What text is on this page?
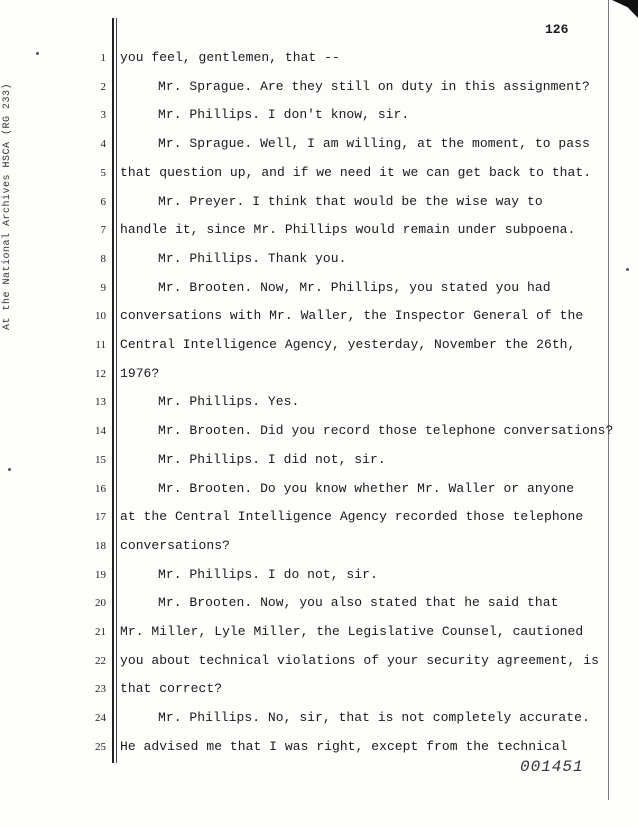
At the National Archives HSCA (RG 233)
126
1 you feel, gentlemen, that --
2	Mr. Sprague. Are they still on duty in this assignment?
3	Mr. Phillips. I don't know, sir.
4	Mr. Sprague. Well, I am willing, at the moment, to pass
5 that question up, and if we need it we can get back to that.
6	Mr. Preyer. I think that would be the wise way to
7 handle it, since Mr. Phillips would remain under subpoena.
8	Mr. Phillips. Thank you.
9	Mr. Brooten. Now, Mr. Phillips, you stated you had
10 conversations with Mr. Waller, the Inspector General of the
11 Central Intelligence Agency, yesterday, November the 26th,
12 1976?
13	Mr. Phillips. Yes.
14	Mr. Brooten. Did you record those telephone conversations?
15	Mr. Phillips. I did not, sir.
16	Mr. Brooten. Do you know whether Mr. Waller or anyone
17 at the Central Intelligence Agency recorded those telephone
18 conversations?
19	Mr. Phillips. I do not, sir.
20	Mr. Brooten. Now, you also stated that he said that
21 Mr. Miller, Lyle Miller, the Legislative Counsel, cautioned
22 you about technical violations of your security agreement, is
23 that correct?
24	Mr. Phillips. No, sir, that is not completely accurate.
25 He advised me that I was right, except from the technical
001451
